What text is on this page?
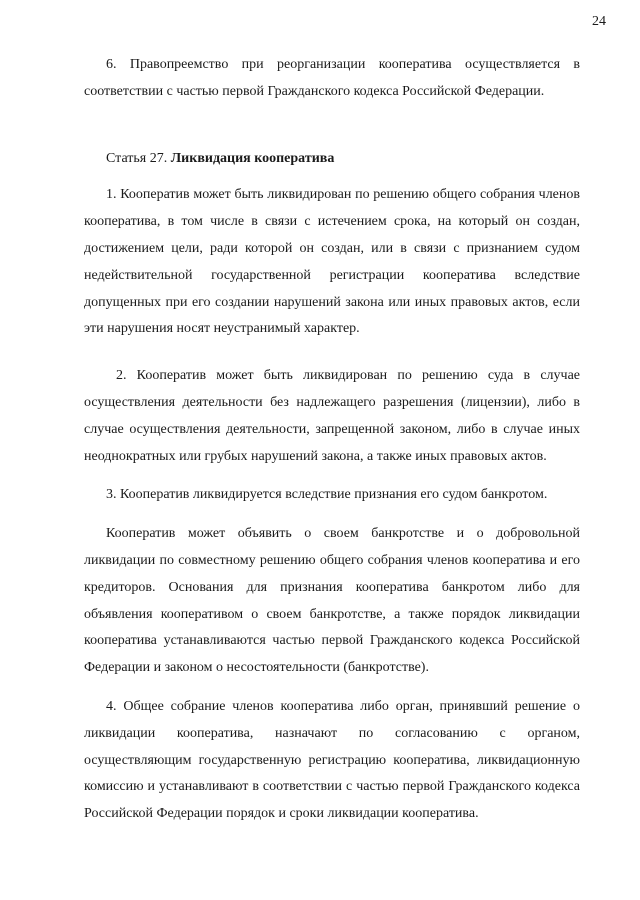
24

6. Правопреемство при реорганизации кооператива осуществляется в соответствии с частью первой Гражданского кодекса Российской Федерации.

Статья 27. Ликвидация кооператива

1. Кооператив может быть ликвидирован по решению общего собрания членов кооператива, в том числе в связи с истечением срока, на который он создан, достижением цели, ради которой он создан, или в связи с признанием судом недействительной государственной регистрации кооператива вследствие допущенных при его создании нарушений закона или иных правовых актов, если эти нарушения носят неустранимый характер.

2. Кооператив может быть ликвидирован по решению суда в случае осуществления деятельности без надлежащего разрешения (лицензии), либо в случае осуществления деятельности, запрещенной законом, либо в случае иных неоднократных или грубых нарушений закона, а также иных правовых актов.

3. Кооператив ликвидируется вследствие признания его судом банкротом.

Кооператив может объявить о своем банкротстве и о добровольной ликвидации по совместному решению общего собрания членов кооператива и его кредиторов. Основания для признания кооператива банкротом либо для объявления кооперативом о своем банкротстве, а также порядок ликвидации кооператива устанавливаются частью первой Гражданского кодекса Российской Федерации и законом о несостоятельности (банкротстве).

4. Общее собрание членов кооператива либо орган, принявший решение о ликвидации кооператива, назначают по согласованию с органом, осуществляющим государственную регистрацию кооператива, ликвидационную комиссию и устанавливают в соответствии с частью первой Гражданского кодекса Российской Федерации порядок и сроки ликвидации кооператива.
